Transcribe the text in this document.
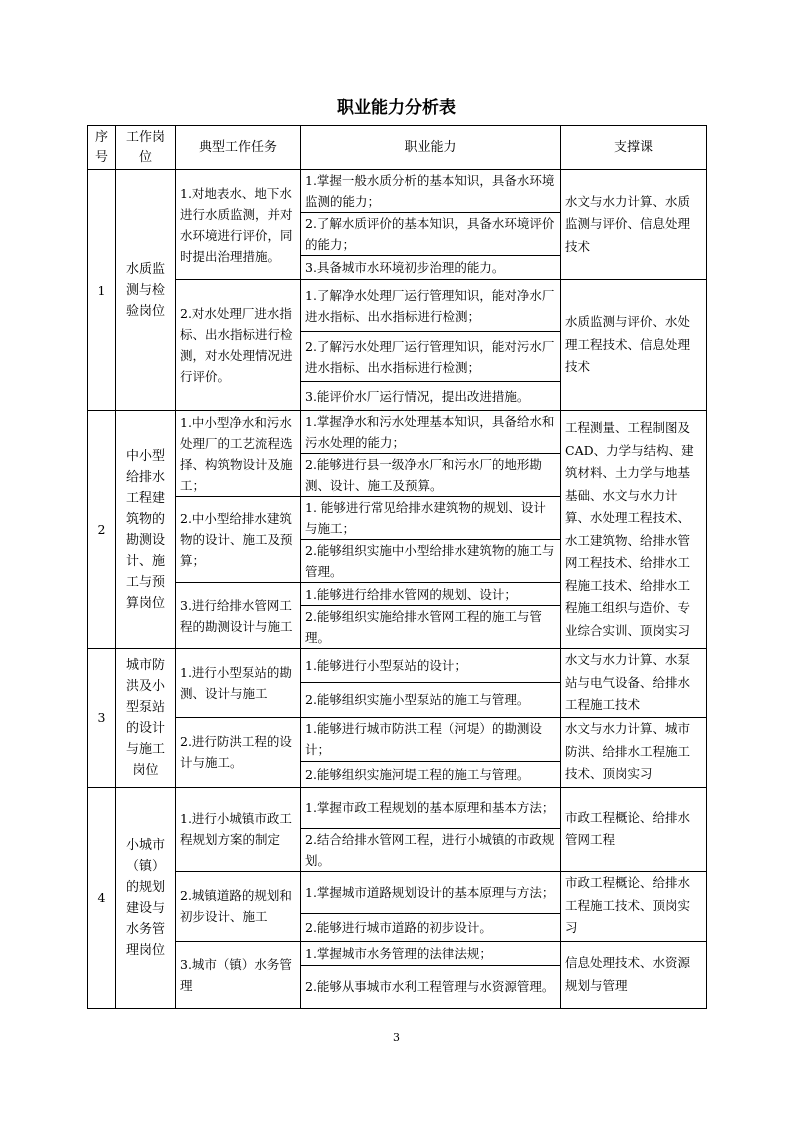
职业能力分析表
序号	工作岗位	典型工作任务	职业能力	支撑课
1	水质监测与检验岗位	1.对地表水、地下水进行水质监测，并对水环境进行评价，同时提出治理措施。	1.掌握一般水质分析的基本知识，具备水环境监测的能力；	水文与水力计算、水质监测与评价、信息处理技术
			2.了解水质评价的基本知识，具备水环境评价的能力；	
			3.具备城市水环境初步治理的能力。	
		2.对水处理厂进水指标、出水指标进行检测，对水处理情况进行评价。	1.了解净水处理厂运行管理知识，能对净水厂进水指标、出水指标进行检测；	水质监测与评价、水处理工程技术、信息处理技术
			2.了解污水处理厂运行管理知识，能对污水厂进水指标、出水指标进行检测；	
			3.能评价水厂运行情况，提出改进措施。	
2	中小型给排水工程建筑物的勘测设计、施工与预算岗位	1.中小型净水和污水处理厂的工艺流程选择、构筑物设计及施工；	1.掌握净水和污水处理基本知识，具备给水和污水处理的能力；	工程测量、工程制图及CAD、力学与结构、建筑材料、土力学与地基基础、水文与水力计算、水处理工程技术、水工建筑物、给排水管网工程技术、给排水工程施工技术、给排水工程施工组织与造价、专业综合实训、顶岗实习
			2.能够进行县一级净水厂和污水厂的地形勘测、设计、施工及预算。	
		2.中小型给排水建筑物的设计、施工及预算；	1. 能够进行常见给排水建筑物的规划、设计与施工；	
			2.能够组织实施中小型给排水建筑物的施工与管理。	
		3.进行给排水管网工程的勘测设计与施工	1.能够进行给排水管网的规划、设计；	
			2.能够组织实施给排水管网工程的施工与管理。	
3	城市防洪及小型泵站的设计与施工岗位	1.进行小型泵站的勘测、设计与施工	1.能够进行小型泵站的设计；	水文与水力计算、水泵站与电气设备、给排水工程施工技术
			2.能够组织实施小型泵站的施工与管理。	
		2.进行防洪工程的设计与施工。	1.能够进行城市防洪工程（河堤）的勘测设计；	水文与水力计算、城市防洪、给排水工程施工技术、顶岗实习
			2.能够组织实施河堤工程的施工与管理。	
4	小城市（镇）的规划建设与水务管理岗位	1.进行小城镇市政工程规划方案的制定	1.掌握市政工程规划的基本原理和基本方法；	市政工程概论、给排水管网工程
			2.结合给排水管网工程，进行小城镇的市政规划。	
		2.城镇道路的规划和初步设计、施工	1.掌握城市道路规划设计的基本原理与方法；	市政工程概论、给排水工程施工技术、顶岗实习
			2.能够进行城市道路的初步设计。	
		3.城市（镇）水务管理	1.掌握城市水务管理的法律法规；	信息处理技术、水资源规划与管理
			2.能够从事城市水利工程管理与水资源管理。	
3
